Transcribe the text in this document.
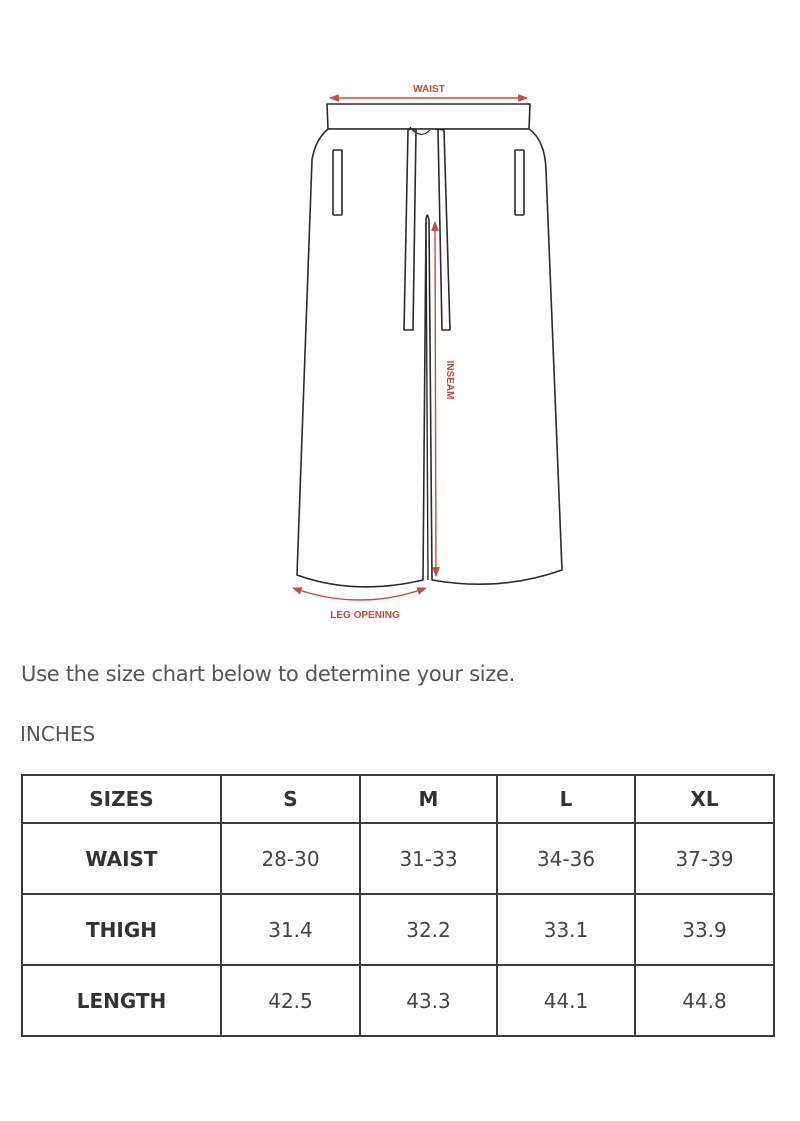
WAIST
INSEAM
LEG OPENING

Use the size chart below to determine your size.

INCHES

SIZES	S	M	L	XL
WAIST	28-30	31-33	34-36	37-39
THIGH	31.4	32.2	33.1	33.9
LENGTH	42.5	43.3	44.1	44.8
